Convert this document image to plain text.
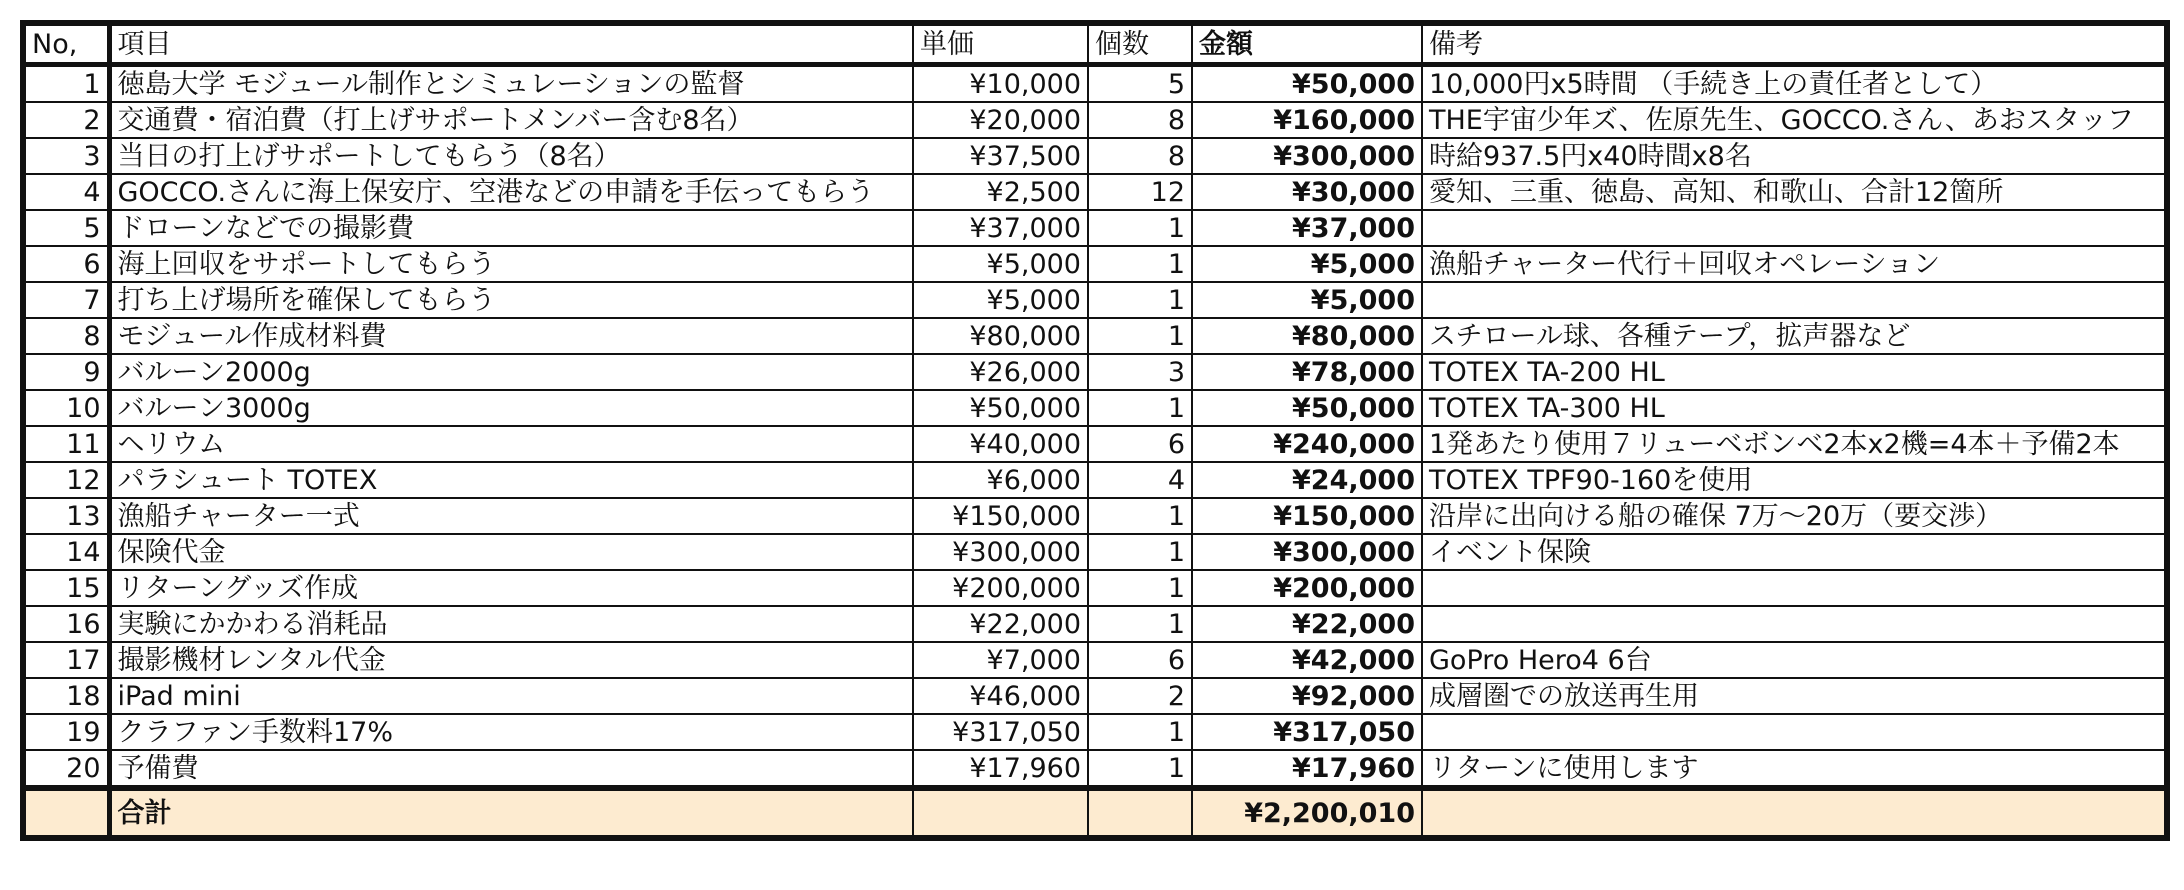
No,	項目	単価	個数	金額	備考
1	徳島大学 モジュール制作とシミュレーションの監督	¥10,000	5	¥50,000	10,000円x5時間 （手続き上の責任者として）
2	交通費・宿泊費（打上げサポートメンバー含む8名）	¥20,000	8	¥160,000	THE宇宙少年ズ、佐原先生、GOCCO.さん、あおスタッフ
3	当日の打上げサポートしてもらう（8名）	¥37,500	8	¥300,000	時給937.5円x40時間x8名
4	GOCCO.さんに海上保安庁、空港などの申請を手伝ってもらう	¥2,500	12	¥30,000	愛知、三重、徳島、高知、和歌山、合計12箇所
5	ドローンなどでの撮影費	¥37,000	1	¥37,000	
6	海上回収をサポートしてもらう	¥5,000	1	¥5,000	漁船チャーター代行＋回収オペレーション
7	打ち上げ場所を確保してもらう	¥5,000	1	¥5,000	
8	モジュール作成材料費	¥80,000	1	¥80,000	スチロール球、各種テープ，拡声器など
9	バルーン2000g	¥26,000	3	¥78,000	TOTEX TA-200 HL
10	バルーン3000g	¥50,000	1	¥50,000	TOTEX TA-300 HL
11	ヘリウム	¥40,000	6	¥240,000	1発あたり使用７リューベボンベ2本x2機=4本＋予備2本
12	パラシュート TOTEX	¥6,000	4	¥24,000	TOTEX TPF90-160を使用
13	漁船チャーター一式	¥150,000	1	¥150,000	沿岸に出向ける船の確保 7万〜20万（要交渉）
14	保険代金	¥300,000	1	¥300,000	イベント保険
15	リターングッズ作成	¥200,000	1	¥200,000	
16	実験にかかわる消耗品	¥22,000	1	¥22,000	
17	撮影機材レンタル代金	¥7,000	6	¥42,000	GoPro Hero4 6台
18	iPad mini	¥46,000	2	¥92,000	成層圏での放送再生用
19	クラファン手数料17%	¥317,050	1	¥317,050	
20	予備費	¥17,960	1	¥17,960	リターンに使用します
	合計			¥2,200,010	
